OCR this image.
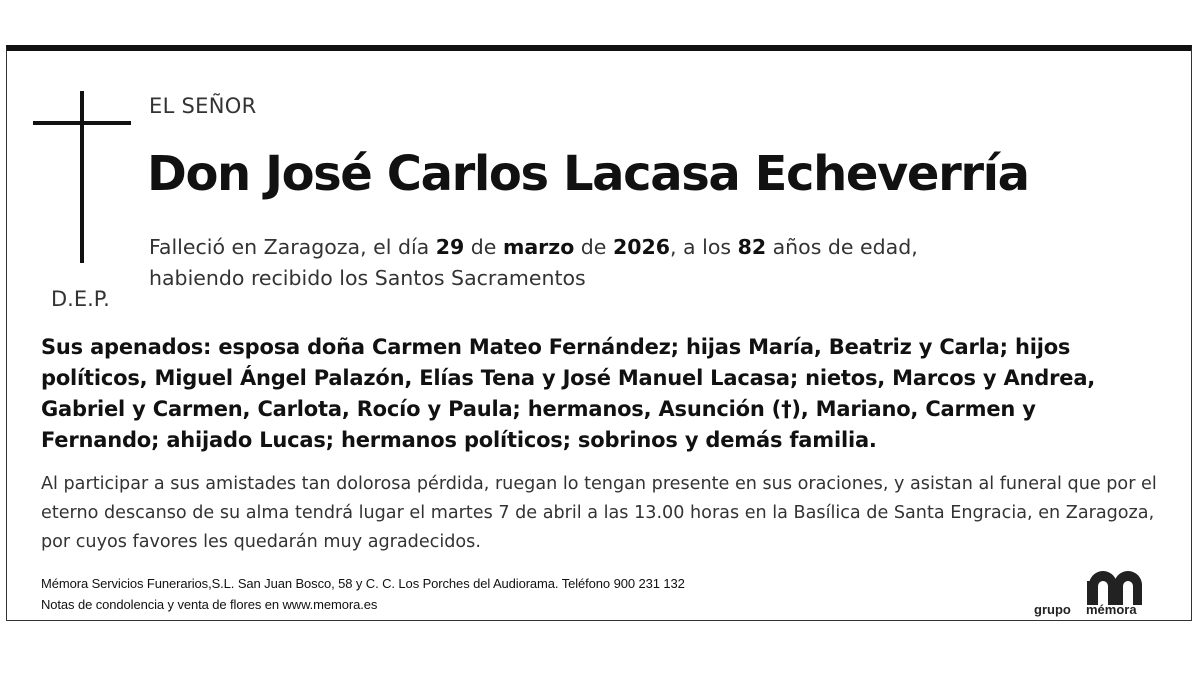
D.E.P.
EL SEÑOR
Don José Carlos Lacasa Echeverría
Falleció en Zaragoza, el día 29 de marzo de 2026, a los 82 años de edad,
habiendo recibido los Santos Sacramentos
Sus apenados: esposa doña Carmen Mateo Fernández; hijas María, Beatriz y Carla; hijos políticos, Miguel Ángel Palazón, Elías Tena y José Manuel Lacasa; nietos, Marcos y Andrea, Gabriel y Carmen, Carlota, Rocío y Paula; hermanos, Asunción (†), Mariano, Carmen y Fernando; ahijado Lucas; hermanos políticos; sobrinos y demás familia.
Al participar a sus amistades tan dolorosa pérdida, ruegan lo tengan presente en sus oraciones, y asistan al funeral que por el eterno descanso de su alma tendrá lugar el martes 7 de abril a las 13.00 horas en la Basílica de Santa Engracia, en Zaragoza, por cuyos favores les quedarán muy agradecidos.
Mémora Servicios Funerarios,S.L. San Juan Bosco, 58 y C. C. Los Porches del Audiorama. Teléfono 900 231 132
Notas de condolencia y venta de flores en www.memora.es	grupo mémora
